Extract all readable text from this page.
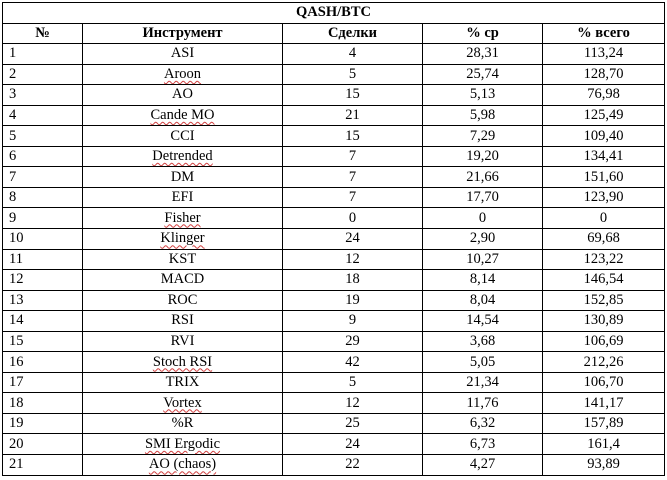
QASH/BTC				
№	Инструмент	Сделки	% ср	% всего
1	ASI	4	28,31	113,24
2	Aroon	5	25,74	128,70
3	AO	15	5,13	76,98
4	Cande MO	21	5,98	125,49
5	CCI	15	7,29	109,40
6	Detrended	7	19,20	134,41
7	DM	7	21,66	151,60
8	EFI	7	17,70	123,90
9	Fisher	0	0	0
10	Klinger	24	2,90	69,68
11	KST	12	10,27	123,22
12	MACD	18	8,14	146,54
13	ROC	19	8,04	152,85
14	RSI	9	14,54	130,89
15	RVI	29	3,68	106,69
16	Stoch RSI	42	5,05	212,26
17	TRIX	5	21,34	106,70
18	Vortex	12	11,76	141,17
19	%R	25	6,32	157,89
20	SMI Ergodic	24	6,73	161,4
21	AO (chaos)	22	4,27	93,89
